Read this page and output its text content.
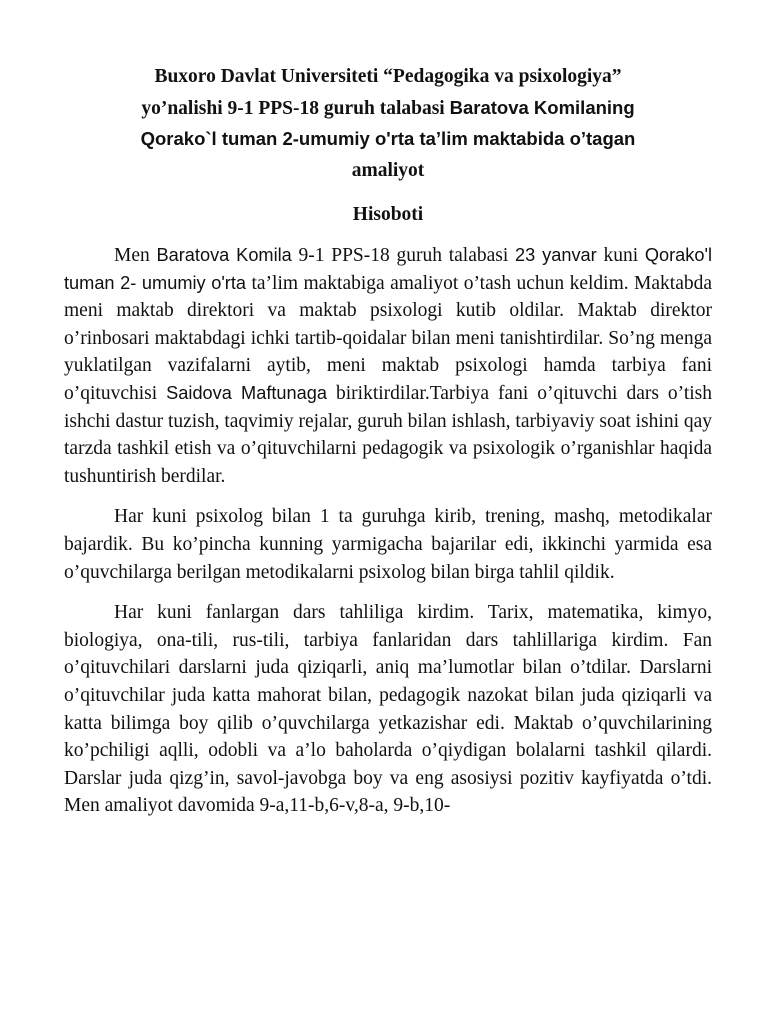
Buxoro Davlat Universiteti “Pedagogika va psixologiya”
yo’nalishi 9-1 PPS-18 guruh talabasi Baratova Komilaning
Qorako`l tuman 2-umumiy o'rta ta’lim maktabida o’tagan
amaliyot
Hisoboti

Men Baratova Komila 9-1 PPS-18 guruh talabasi 23 yanvar kuni Qorako'l tuman 2- umumiy o'rta ta’lim maktabiga amaliyot o’tash uchun keldim. Maktabda meni maktab direktori va maktab psixologi kutib oldilar. Maktab direktor o’rinbosari maktabdagi ichki tartib-qoidalar bilan meni tanishtirdilar. So’ng menga yuklatilgan vazifalarni aytib, meni maktab psixologi hamda tarbiya fani o’qituvchisi Saidova Maftunaga biriktirdilar.Tarbiya fani o’qituvchi dars o’tish ishchi dastur tuzish, taqvimiy rejalar, guruh bilan ishlash, tarbiyaviy soat ishini qay tarzda tashkil etish va o’qituvchilarni pedagogik va psixologik o’rganishlar haqida tushuntirish berdilar.

Har kuni psixolog bilan 1 ta guruhga kirib, trening, mashq, metodikalar bajardik. Bu ko’pincha kunning yarmigacha bajarilar edi, ikkinchi yarmida esa o’quvchilarga berilgan metodikalarni psixolog bilan birga tahlil qildik.

Har kuni fanlargan dars tahliliga kirdim. Tarix, matematika, kimyo, biologiya, ona-tili, rus-tili, tarbiya fanlaridan dars tahlillariga kirdim. Fan o’qituvchilari darslarni juda qiziqarli, aniq ma’lumotlar bilan o’tdilar. Darslarni o’qituvchilar juda katta mahorat bilan, pedagogik nazokat bilan juda qiziqarli va katta bilimga boy qilib o’quvchilarga yetkazishar edi. Maktab o’quvchilarining ko’pchiligi aqlli, odobli va a’lo baholarda o’qiydigan bolalarni tashkil qilardi. Darslar juda qizg’in, savol-javobga boy va eng asosiysi pozitiv kayfiyatda o’tdi. Men amaliyot davomida 9-a,11-b,6-v,8-a, 9-b,10-
